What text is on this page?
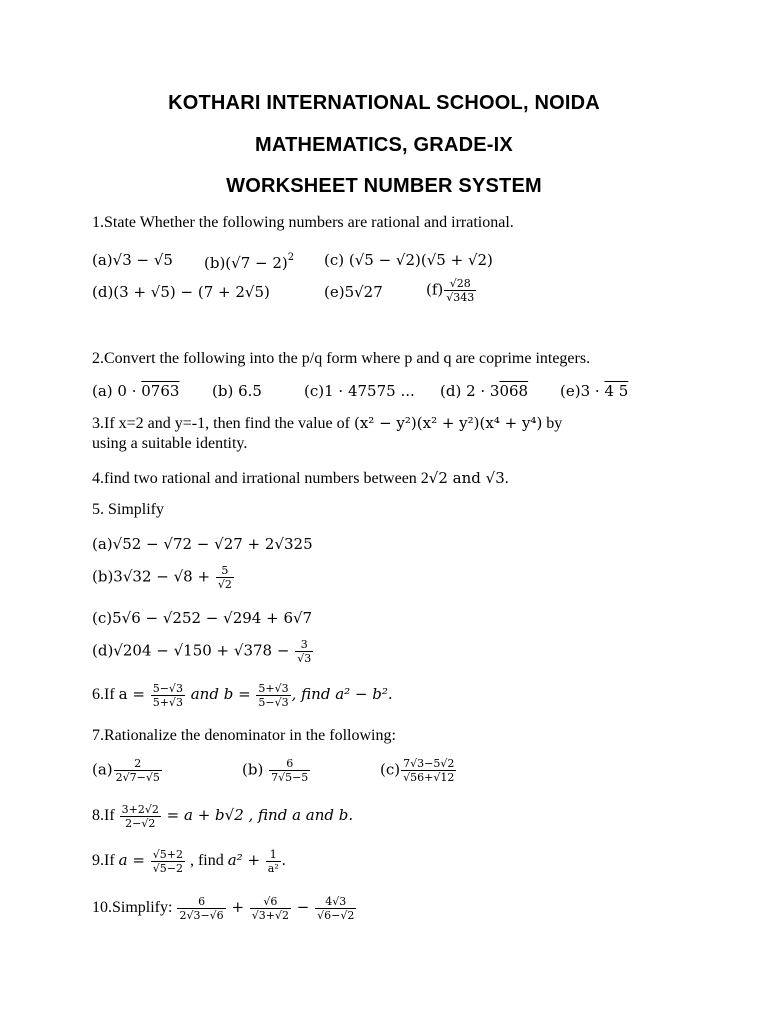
KOTHARI INTERNATIONAL SCHOOL, NOIDA
MATHEMATICS, GRADE-IX
WORKSHEET NUMBER SYSTEM
1.State Whether the following numbers are rational and irrational.
(a)√3 − √5 $(b)(√7 - 2)^2$ (c) (√5 − √2)(√5 + √2)
(d)(3 + √5) − (7 + 2√5)	(e)5√27	$(f) \frac{√28}{√343}$
2.Convert the following into the p/q form where p and q are coprime integers.
(a) 0 · 0763 (b) 6.5	(c)1 · 47575 ... (d) 2 · 3068 (e)3 · 4 5
3.If x=2 and y=-1, then find the value of (x² − y²)(x² + y²)(x⁴ + y⁴) by
using a suitable identity.
4.find two rational and irrational numbers between 2√2 and √3.
5. Simplify
(a)√52 − √72 − √27 + 2√325
$(b)3√32 - √8 + \frac{5}{√2}$
(c)5√6 − √252 − √294 + 6√7
$(d)√204 - √150 + √378 - \frac{3}{√3}$
6.If $a = \frac{5-√3}{5+√3}$ and $b = \frac{5+√3}{5-√3}$ , find a² − b².
7.Rationalize the denominator in the following:
$(a) \frac{2}{2√7-√5}$	$(b) \frac{6}{7√5-5}$	$(c) \frac{7√3-5√2}{√56+√12}$
$8.If \frac{3+2√2}{2-√2} = a + b√2$ , find a and b.
9.If $a = \frac{√5+2}{√5-2}$ , find $a^2 + \frac{1}{\text{a²}}$ .
10.Simplify: $\frac{6}{2√3-√6} + \frac{√6}{√3+√2} - \frac{4√3}{√6-√2}$
